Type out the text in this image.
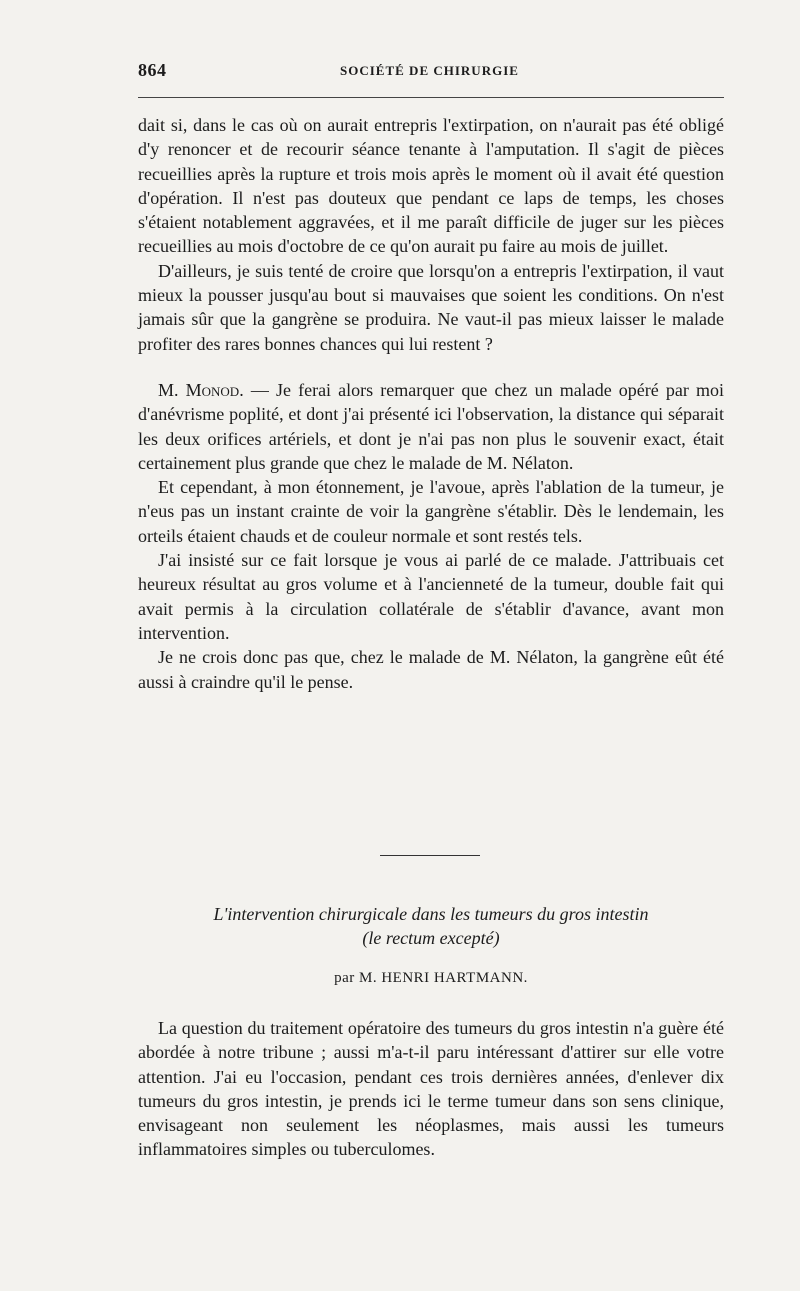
864	SOCIÉTÉ DE CHIRURGIE

dait si, dans le cas où on aurait entrepris l'extirpation, on n'aurait pas été obligé d'y renoncer et de recourir séance tenante à l'amputation. Il s'agit de pièces recueillies après la rupture et trois mois après le moment où il avait été question d'opération. Il n'est pas douteux que pendant ce laps de temps, les choses s'étaient notablement aggravées, et il me paraît difficile de juger sur les pièces recueillies au mois d'octobre de ce qu'on aurait pu faire au mois de juillet.

D'ailleurs, je suis tenté de croire que lorsqu'on a entrepris l'extirpation, il vaut mieux la pousser jusqu'au bout si mauvaises que soient les conditions. On n'est jamais sûr que la gangrène se produira. Ne vaut-il pas mieux laisser le malade profiter des rares bonnes chances qui lui restent ?

M. Monod. — Je ferai alors remarquer que chez un malade opéré par moi d'anévrisme poplité, et dont j'ai présenté ici l'observation, la distance qui séparait les deux orifices artériels, et dont je n'ai pas non plus le souvenir exact, était certainement plus grande que chez le malade de M. Nélaton.

Et cependant, à mon étonnement, je l'avoue, après l'ablation de la tumeur, je n'eus pas un instant crainte de voir la gangrène s'établir. Dès le lendemain, les orteils étaient chauds et de couleur normale et sont restés tels.

J'ai insisté sur ce fait lorsque je vous ai parlé de ce malade. J'attribuais cet heureux résultat au gros volume et à l'ancienneté de la tumeur, double fait qui avait permis à la circulation collatérale de s'établir d'avance, avant mon intervention.

Je ne crois donc pas que, chez le malade de M. Nélaton, la gangrène eût été aussi à craindre qu'il le pense.

L'intervention chirurgicale dans les tumeurs du gros intestin
(le rectum excepté)
par M. HENRI HARTMANN.

La question du traitement opératoire des tumeurs du gros intestin n'a guère été abordée à notre tribune ; aussi m'a-t-il paru intéressant d'attirer sur elle votre attention. J'ai eu l'occasion, pendant ces trois dernières années, d'enlever dix tumeurs du gros intestin, je prends ici le terme tumeur dans son sens clinique, envisageant non seulement les néoplasmes, mais aussi les tumeurs inflammatoires simples ou tuberculomes.
